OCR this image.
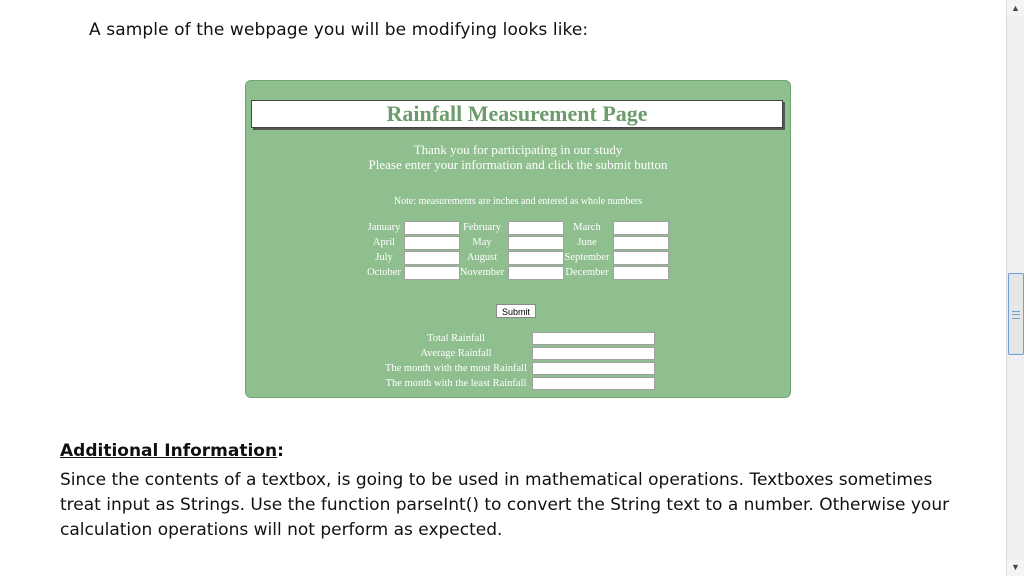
A sample of the webpage you will be modifying looks like:
Rainfall Measurement Page
Thank you for participating in our study
Please enter your information and click the submit button
Note: measurements are inches and entered as whole numbers
January	February	March
April	May	June
July	August	September
October	November	December
Submit
Total Rainfall
Average Rainfall
The month with the most Rainfall
The month with the least Rainfall
Additional Information:
Since the contents of a textbox, is going to be used in mathematical operations. Textboxes sometimes treat input as Strings. Use the function parseInt() to convert the String text to a number. Otherwise your calculation operations will not perform as expected.
▲
▼
